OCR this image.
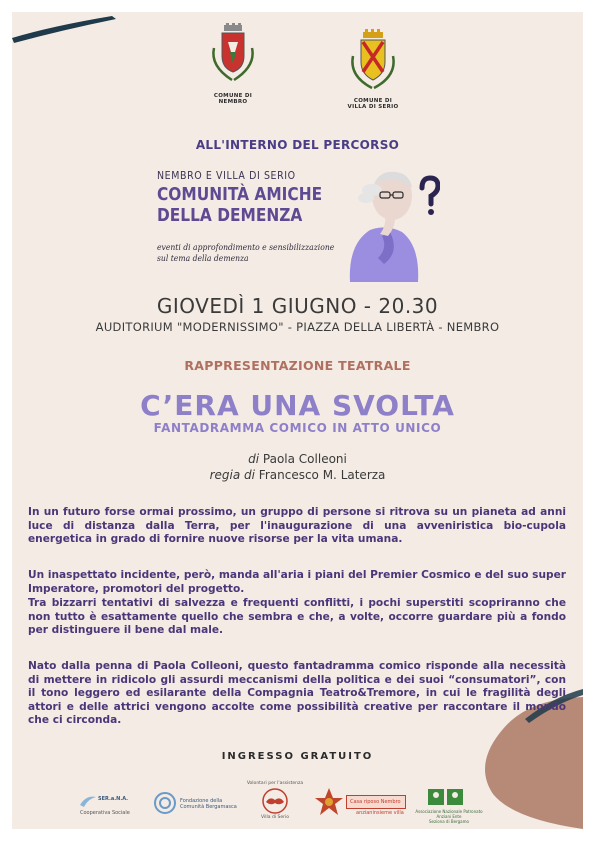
COMUNE DI
NEMBRO	COMUNE DI
VILLA DI SERIO
ALL'INTERNO DEL PERCORSO
NEMBRO E VILLA DI SERIO
COMUNITÀ AMICHE
DELLA DEMENZA
eventi di approfondimento e sensibilizzazione
sul tema della demenza
GIOVEDÌ 1 GIUGNO - 20.30
AUDITORIUM "MODERNISSIMO" - PIAZZA DELLA LIBERTÀ - NEMBRO
RAPPRESENTAZIONE TEATRALE
C’ERA UNA SVOLTA
FANTADRAMMA COMICO IN ATTO UNICO
di Paola Colleoni
regia di Francesco M. Laterza

In un futuro forse ormai prossimo, un gruppo di persone si ritrova su un pianeta ad anni luce di distanza dalla Terra, per l'inaugurazione di una avveniristica bio-cupola energetica in grado di fornire nuove risorse per la vita umana.

Un inaspettato incidente, però, manda all'aria i piani del Premier Cosmico e del suo super Imperatore, promotori del progetto.

Tra bizzarri tentativi di salvezza e frequenti conflitti, i pochi superstiti scopriranno che non tutto è esattamente quello che sembra e che, a volte, occorre guardare più a fondo per distinguere il bene dal male.

Nato dalla penna di Paola Colleoni, questo fantadramma comico risponde alla necessità di mettere in ridicolo gli assurdi meccanismi della politica e dei suoi “consumatori”, con il tono leggero ed esilarante della Compagnia Teatro&Tremore, in cui le fragilità degli attori e delle attrici vengono accolte come possibilità creative per raccontare il mondo che ci circonda.

INGRESSO GRATUITO
SER.a.N.A.
Cooperativa Sociale
Fondazione della
Comunità Bergamasca
Volontari per l'assistenza
Villa di Serio
Casa riposo Nembro
anzianinsieme villa	Associazione Nazionale Patronato Anziani Ente
Seziona di Bergamo
